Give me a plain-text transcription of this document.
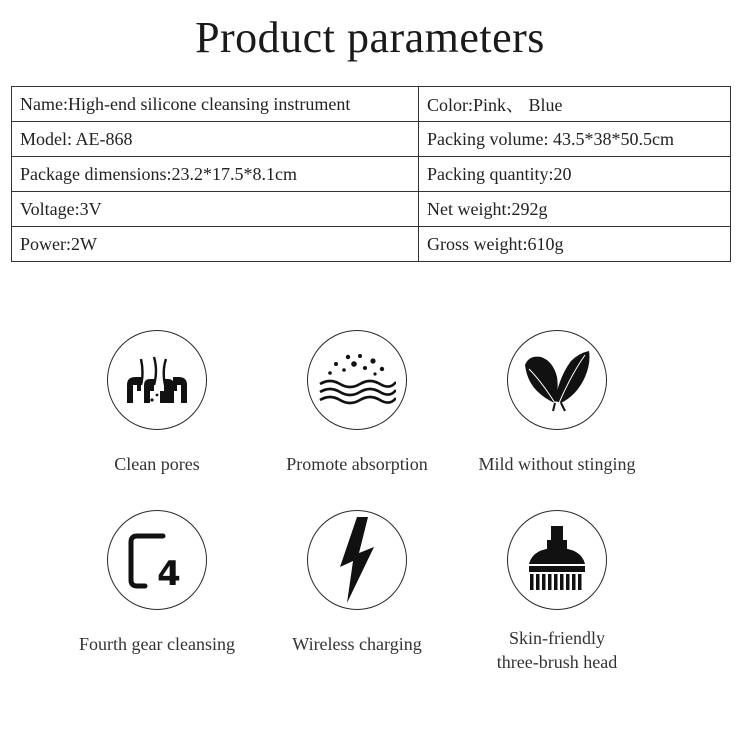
Product parameters
Name:High-end silicone cleansing instrument	Color:Pink、 Blue
Model: AE-868	Packing volume: 43.5*38*50.5cm
Package dimensions:23.2*17.5*8.1cm	Packing quantity:20
Voltage:3V	Net weight:292g
Power:2W	Gross weight:610g
Clean pores	Promote absorption	Mild without stinging
4
Fourth gear cleansing	Wireless charging	Skin-friendly
three-brush head
